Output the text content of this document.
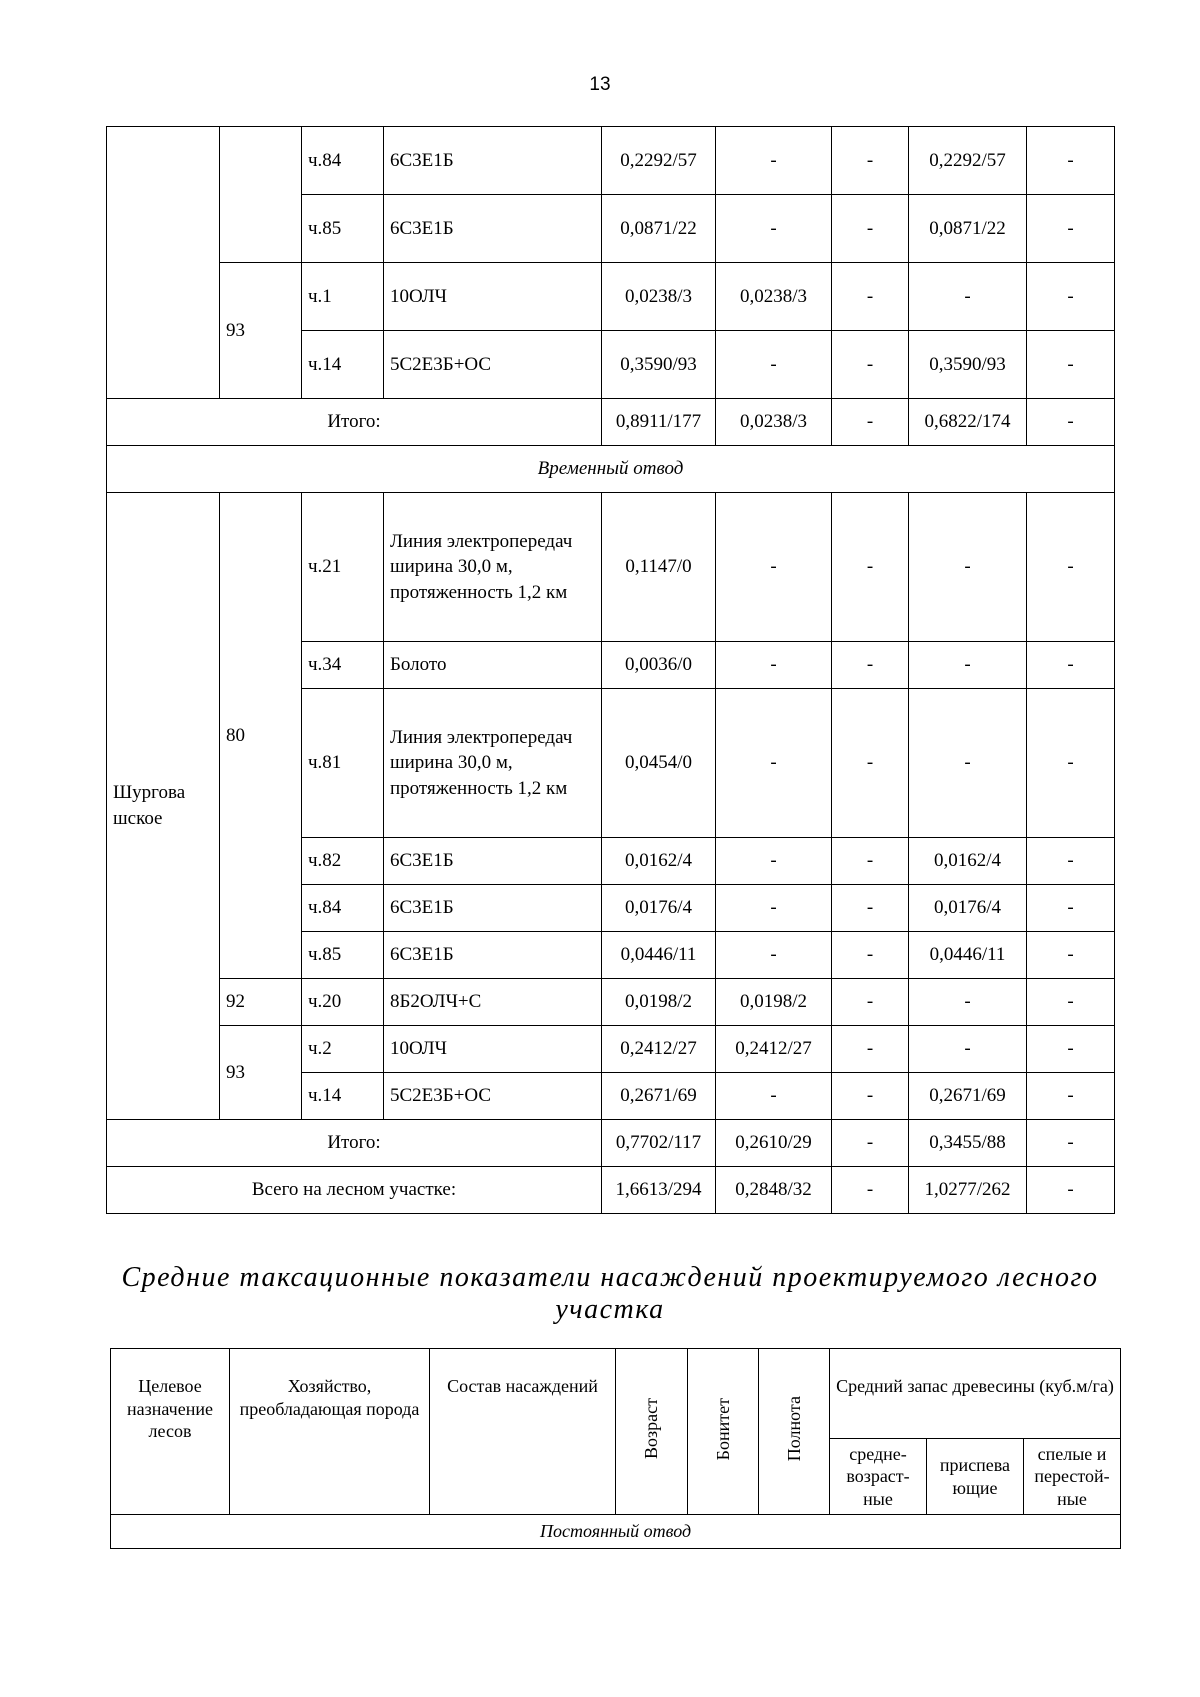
13
		ч.84	6С3Е1Б	0,2292/57	-	-	0,2292/57	-
		ч.85	6С3Е1Б	0,0871/22	-	-	0,0871/22	-
	93	ч.1	10ОЛЧ	0,0238/3	0,0238/3	-	-	-
		ч.14	5С2Е3Б+ОС	0,3590/93	-	-	0,3590/93	-
Итого:				0,8911/177	0,0238/3	-	0,6822/174	-
Временный отвод								
Шургова шское	80	ч.21	Линия электропередач ширина 30,0 м, протяженность 1,2 км	0,1147/0	-	-	-	-
		ч.34	Болото	0,0036/0	-	-	-	-
		ч.81	Линия электропередач ширина 30,0 м, протяженность 1,2 км	0,0454/0	-	-	-	-
		ч.82	6С3Е1Б	0,0162/4	-	-	0,0162/4	-
		ч.84	6С3Е1Б	0,0176/4	-	-	0,0176/4	-
		ч.85	6С3Е1Б	0,0446/11	-	-	0,0446/11	-
	92	ч.20	8Б2ОЛЧ+С	0,0198/2	0,0198/2	-	-	-
	93	ч.2	10ОЛЧ	0,2412/27	0,2412/27	-	-	-
		ч.14	5С2Е3Б+ОС	0,2671/69	-	-	0,2671/69	-
Итого:				0,7702/117	0,2610/29	-	0,3455/88	-
Всего на лесном участке:				1,6613/294	0,2848/32	-	1,0277/262	-
Средние таксационные показатели насаждений проектируемого лесного участка
Целевое назначение лесов	Хозяйство, преобладающая порода	Состав насаждений	Возраст	Бонитет	Полнота	Средний запас древесины (куб.м/га)		
						средне-возраст-ные	приспева ющие	спелые и перестой-ные
Постоянный отвод								
